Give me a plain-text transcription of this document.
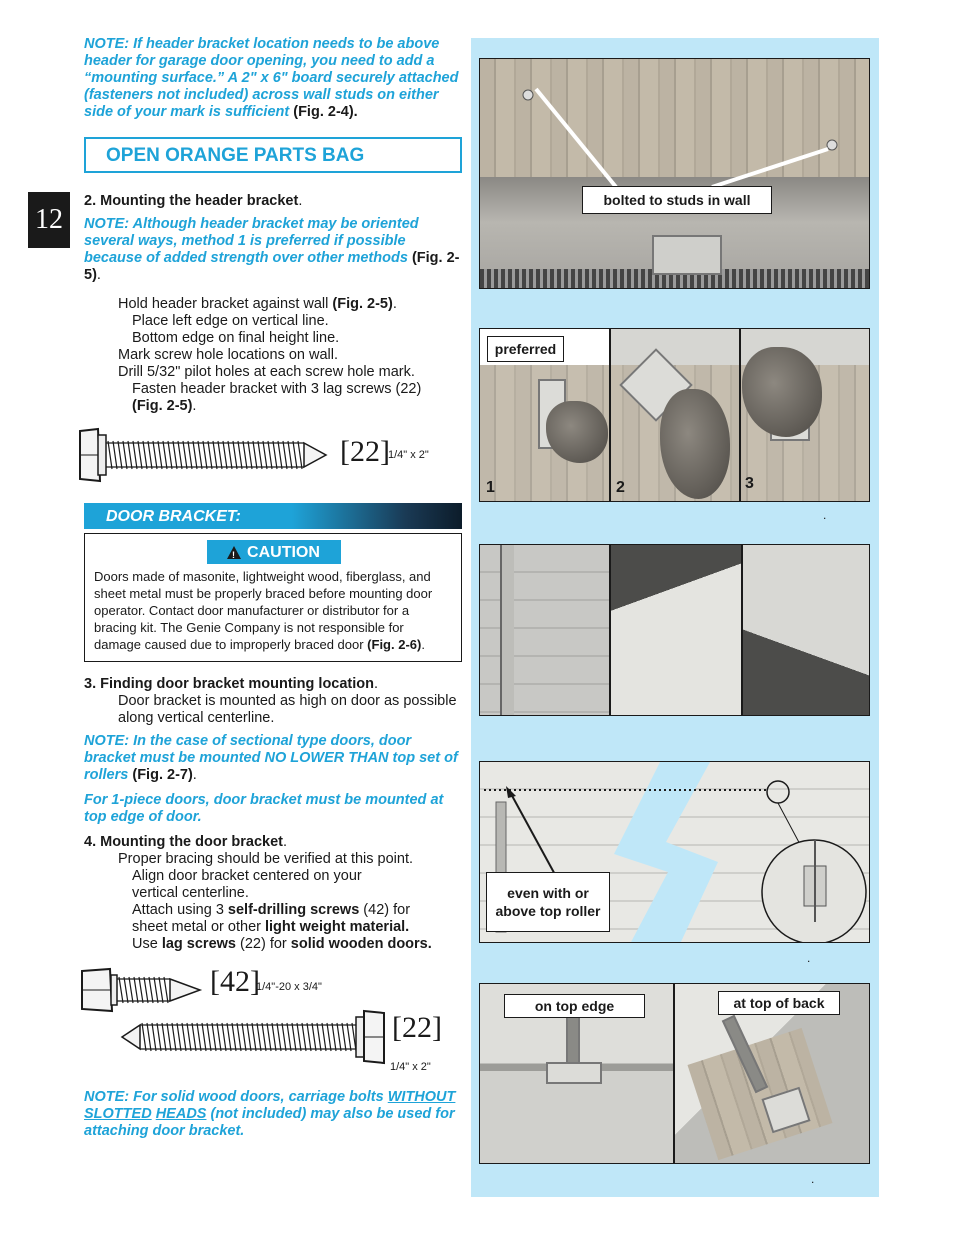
12

NOTE: If header bracket location needs to be above header for garage door opening, you need to add a “mounting surface.” A 2" x 6" board securely attached (fasteners not included) across wall studs on either side of your mark is sufficient (Fig. 2-4).

OPEN ORANGE PARTS BAG

2. Mounting the header bracket.

NOTE: Although header bracket may be oriented several ways, method 1 is preferred if possible because of added strength over other methods (Fig. 2-5).

Hold header bracket against wall (Fig. 2-5).

Place left edge on vertical line.

Bottom edge on final height line.

Mark screw hole locations on wall.

Drill 5/32" pilot holes at each screw hole mark.

Fasten header bracket with 3 lag screws (22)

(Fig. 2-5).

[22]
1/4" x 2"
DOOR BRACKET:
!
CAUTION

Doors made of masonite, lightweight wood, fiberglass, and sheet metal must be properly braced before mounting door operator. Contact door manufacturer or distributor for a bracing kit. The Genie Company is not responsible for damage caused due to improperly braced door (Fig. 2-6).

3. Finding door bracket mounting location.

Door bracket is mounted as high on door as possible along vertical centerline.

NOTE: In the case of sectional type doors, door bracket must be mounted NO LOWER THAN top set of rollers (Fig. 2-7).

For 1-piece doors, door bracket must be mounted at top edge of door.

4. Mounting the door bracket.

Proper bracing should be verified at this point.

Align door bracket centered on your

vertical centerline.

Attach using 3 self-drilling screws (42) for

sheet metal or other light weight material.

Use lag screws (22) for solid wooden doors.

[42]
1/4"-20 x 3/4"
[22]
1/4" x 2"

NOTE: For solid wood doors, carriage bolts WITHOUT SLOTTED HEADS (not included) may also be used for attaching door bracket.

bolted to studs in wall
preferred
1	2	3
.
even with or above top roller
.
on top edge	at top of back
.
